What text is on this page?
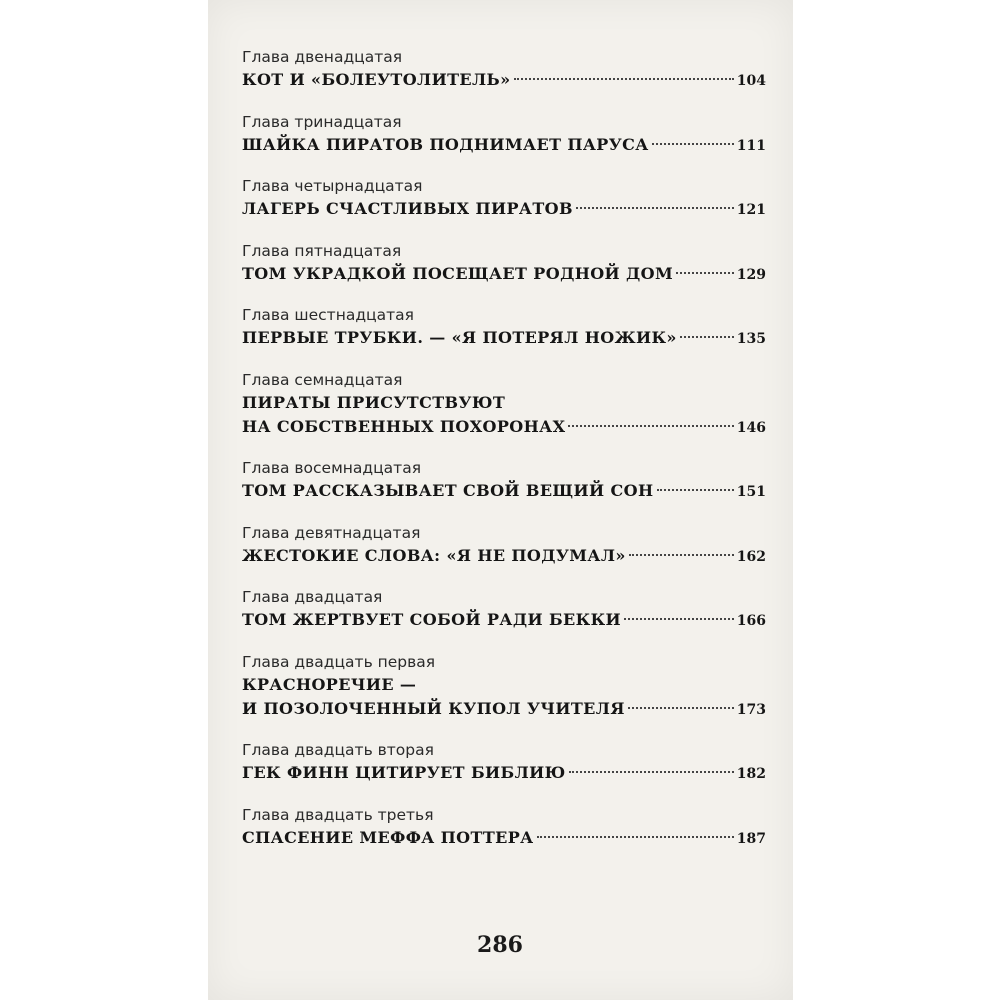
Глава двенадцатая
КОТ И «БОЛЕУТОЛИТЕЛЬ»	104
Глава тринадцатая
ШАЙКА ПИРАТОВ ПОДНИМАЕТ ПАРУСА	111
Глава четырнадцатая
ЛАГЕРЬ СЧАСТЛИВЫХ ПИРАТОВ	121
Глава пятнадцатая
ТОМ УКРАДКОЙ ПОСЕЩАЕТ РОДНОЙ ДОМ	129
Глава шестнадцатая
ПЕРВЫЕ ТРУБКИ. — «Я ПОТЕРЯЛ НОЖИК»	135
Глава семнадцатая
ПИРАТЫ ПРИСУТСТВУЮТ
НА СОБСТВЕННЫХ ПОХОРОНАХ	146
Глава восемнадцатая
ТОМ РАССКАЗЫВАЕТ СВОЙ ВЕЩИЙ СОН	151
Глава девятнадцатая
ЖЕСТОКИЕ СЛОВА: «Я НЕ ПОДУМАЛ»	162
Глава двадцатая
ТОМ ЖЕРТВУЕТ СОБОЙ РАДИ БЕККИ	166
Глава двадцать первая
КРАСНОРЕЧИЕ —
И ПОЗОЛОЧЕННЫЙ КУПОЛ УЧИТЕЛЯ	173
Глава двадцать вторая
ГЕК ФИНН ЦИТИРУЕТ БИБЛИЮ	182
Глава двадцать третья
СПАСЕНИЕ МЕФФА ПОТТЕРА	187
286
